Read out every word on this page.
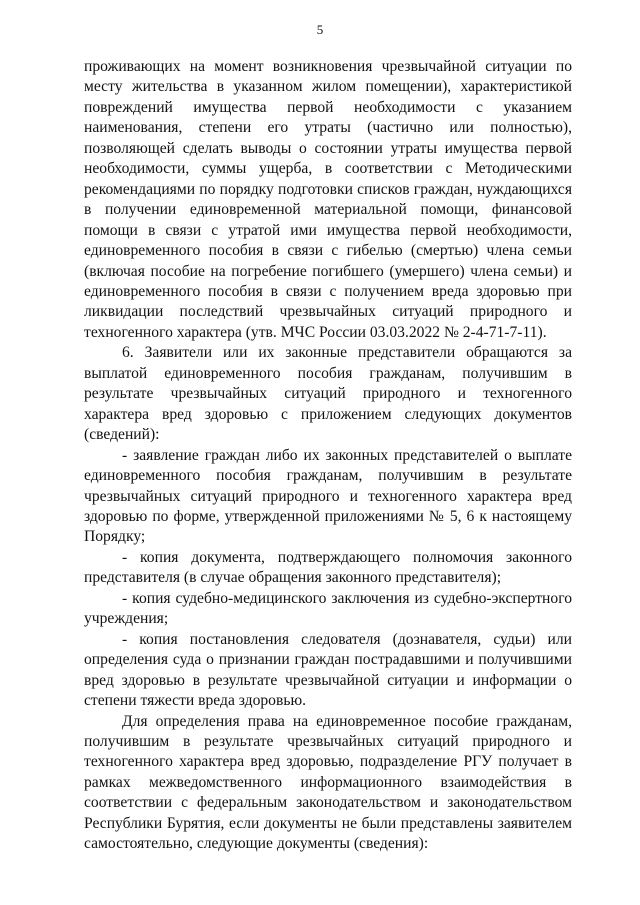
5

проживающих на момент возникновения чрезвычайной ситуации по месту жительства в указанном жилом помещении), характеристикой повреждений имущества первой необходимости с указанием наименования, степени его утраты (частично или полностью), позволяющей сделать выводы о состоянии утраты имущества первой необходимости, суммы ущерба, в соответствии с Методическими рекомендациями по порядку подготовки списков граждан, нуждающихся в получении единовременной материальной помощи, финансовой помощи в связи с утратой ими имущества первой необходимости, единовременного пособия в связи с гибелью (смертью) члена семьи (включая пособие на погребение погибшего (умершего) члена семьи) и единовременного пособия в связи с получением вреда здоровью при ликвидации последствий чрезвычайных ситуаций природного и техногенного характера (утв. МЧС России 03.03.2022 № 2-4-71-7-11).

6. Заявители или их законные представители обращаются за выплатой единовременного пособия гражданам, получившим в результате чрезвычайных ситуаций природного и техногенного характера вред здоровью с приложением следующих документов (сведений):

- заявление граждан либо их законных представителей о выплате единовременного пособия гражданам, получившим в результате чрезвычайных ситуаций природного и техногенного характера вред здоровью по форме, утвержденной приложениями № 5, 6 к настоящему Порядку;

- копия документа, подтверждающего полномочия законного представителя (в случае обращения законного представителя);

- копия судебно-медицинского заключения из судебно-экспертного учреждения;

- копия постановления следователя (дознавателя, судьи) или определения суда о признании граждан пострадавшими и получившими вред здоровью в результате чрезвычайной ситуации и информации о степени тяжести вреда здоровью.

Для определения права на единовременное пособие гражданам, получившим в результате чрезвычайных ситуаций природного и техногенного характера вред здоровью, подразделение РГУ получает в рамках межведомственного информационного взаимодействия в соответствии с федеральным законодательством и законодательством Республики Бурятия, если документы не были представлены заявителем самостоятельно, следующие документы (сведения):
